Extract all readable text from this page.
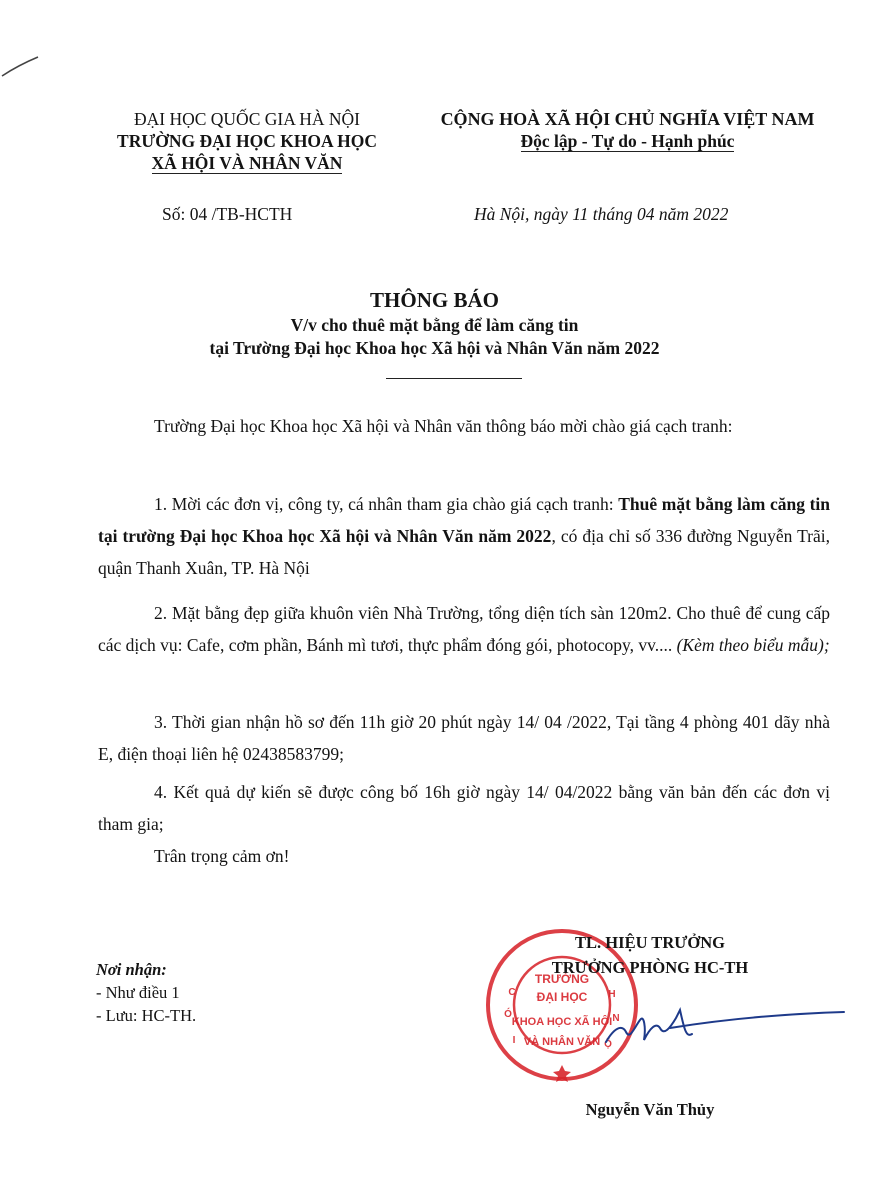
ĐẠI HỌC QUỐC GIA HÀ NỘI
TRƯỜNG ĐẠI HỌC KHOA HỌC
XÃ HỘI VÀ NHÂN VĂN
CỘNG HOÀ XÃ HỘI CHỦ NGHĨA VIỆT NAM
Độc lập - Tự do - Hạnh phúc
Số: 04 /TB-HCTH	Hà Nội, ngày 11 tháng 04 năm 2022
THÔNG BÁO
V/v cho thuê mặt bằng để làm căng tin
tại Trường Đại học Khoa học Xã hội và Nhân Văn năm 2022
Trường Đại học Khoa học Xã hội và Nhân văn thông báo mời chào giá cạch tranh:
1. Mời các đơn vị, công ty, cá nhân tham gia chào giá cạch tranh: Thuê mặt bằng làm căng tin tại trường Đại học Khoa học Xã hội và Nhân Văn năm 2022, có địa chỉ số 336 đường Nguyễn Trãi, quận Thanh Xuân, TP. Hà Nội
2. Mặt bằng đẹp giữa khuôn viên Nhà Trường, tổng diện tích sàn 120m2. Cho thuê để cung cấp các dịch vụ: Cafe, cơm phần, Bánh mì tươi, thực phẩm đóng gói, photocopy, vv.... (Kèm theo biểu mẫu);
3. Thời gian nhận hồ sơ đến 11h giờ 20 phút ngày 14/ 04 /2022, Tại tầng 4 phòng 401 dãy nhà E, điện thoại liên hệ 02438583799;
4. Kết quả dự kiến sẽ được công bố 16h giờ ngày 14/ 04/2022 bằng văn bản đến các đơn vị tham gia;
Trân trọng cảm ơn!
Nơi nhận:
- Như điều 1
- Lưu: HC-TH.
TRƯỜNG
ĐẠI HỌC
KHOA HỌC XÃ HỘI
VÀ NHÂN VĂN
C
Ó
I
H
N
Ộ
TL. HIỆU TRƯỞNG
TRƯỞNG PHÒNG HC-TH
Nguyễn Văn Thủy
